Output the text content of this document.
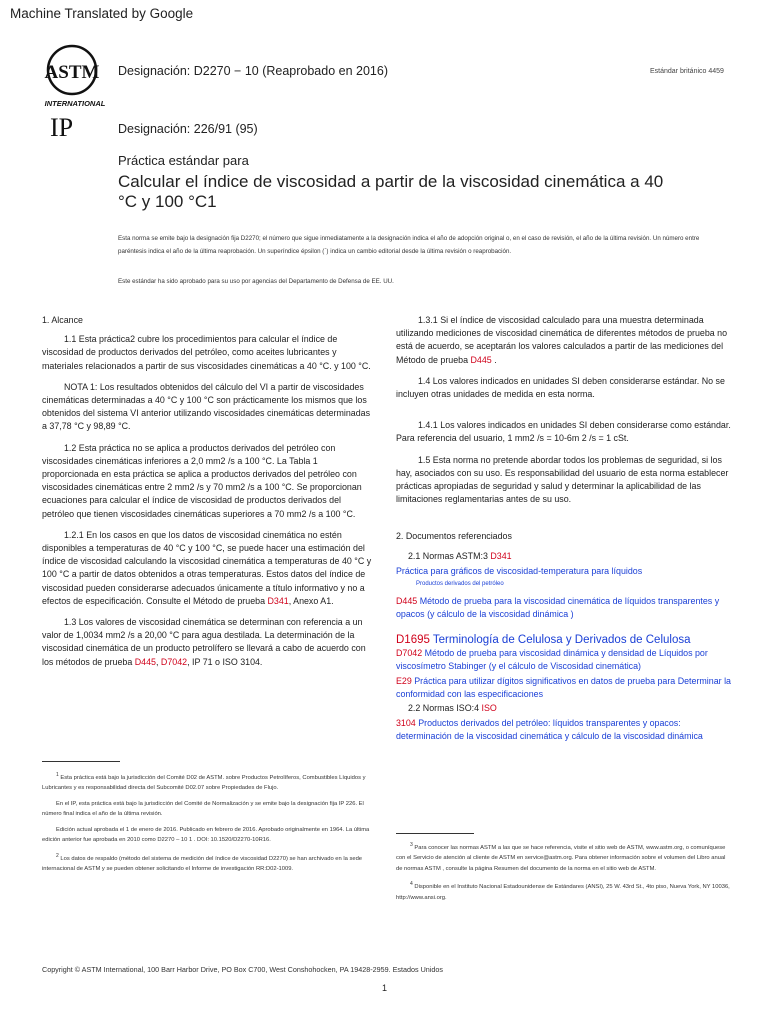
Machine Translated by Google
ASTM
INTERNATIONAL
IP
Designación: D2270 − 10 (Reaprobado en 2016)	Estándar británico 4459
Designación: 226/91 (95)
Práctica estándar para
Calcular el índice de viscosidad a partir de la viscosidad cinemática a 40 °C y 100 °C1
Esta norma se emite bajo la designación fija D2270; el número que sigue inmediatamente a la designación indica el año de adopción original o, en el caso de revisión, el año de la última revisión. Un número entre paréntesis indica el año de la última reaprobación. Un superíndice épsilon (´) indica un cambio editorial desde la última revisión o reaprobación.
Este estándar ha sido aprobado para su uso por agencias del Departamento de Defensa de EE. UU.

1. Alcance

1.1 Esta práctica2 cubre los procedimientos para calcular el índice de viscosidad de productos derivados del petróleo, como aceites lubricantes y materiales relacionados a partir de sus viscosidades cinemáticas a 40 °C. y 100 °C.

NOTA 1: Los resultados obtenidos del cálculo del VI a partir de viscosidades cinemáticas determinadas a 40 °C y 100 °C son prácticamente los mismos que los obtenidos del sistema VI anterior utilizando viscosidades cinemáticas determinadas a 37,78 °C y 98,89 °C.

1.2 Esta práctica no se aplica a productos derivados del petróleo con viscosidades cinemáticas inferiores a 2,0 mm2 /s a 100 °C. La Tabla 1 proporcionada en esta práctica se aplica a productos derivados del petróleo con viscosidades cinemáticas entre 2 mm2 /s y 70 mm2 /s a 100 °C. Se proporcionan ecuaciones para calcular el índice de viscosidad de productos derivados del petróleo que tienen viscosidades cinemáticas superiores a 70 mm2 /s a 100 °C.

1.2.1 En los casos en que los datos de viscosidad cinemática no estén disponibles a temperaturas de 40 °C y 100 °C, se puede hacer una estimación del índice de viscosidad calculando la viscosidad cinemática a temperaturas de 40 °C y 100 °C a partir de datos obtenidos a otras temperaturas. Estos datos del índice de viscosidad pueden considerarse adecuados únicamente a título informativo y no a efectos de especificación. Consulte el Método de prueba D341, Anexo A1.

1.3 Los valores de viscosidad cinemática se determinan con referencia a un valor de 1,0034 mm2 /s a 20,00 °C para agua destilada. La determinación de la viscosidad cinemática de un producto petrolífero se llevará a cabo de acuerdo con los métodos de prueba D445, D7042, IP 71 o ISO 3104.

1 Esta práctica está bajo la jurisdicción del Comité D02 de ASTM. sobre Productos Petrolíferos, Combustibles Líquidos y Lubricantes y es responsabilidad directa del Subcomité D02.07 sobre Propiedades de Flujo.

En el IP, esta práctica está bajo la jurisdicción del Comité de Normalización y se emite bajo la designación fija IP 226. El número final indica el año de la última revisión.

Edición actual aprobada el 1 de enero de 2016. Publicado en febrero de 2016. Aprobado originalmente en 1964. La última edición anterior fue aprobada en 2010 como D2270 – 10 1 . DOI: 10.1520/D2270-10R16.

2 Los datos de respaldo (método del sistema de medición del índice de viscosidad D2270) se han archivado en la sede internacional de ASTM y se pueden obtener solicitando el Informe de investigación RR:D02-1009.

1.3.1 Si el índice de viscosidad calculado para una muestra determinada utilizando mediciones de viscosidad cinemática de diferentes métodos de prueba no está de acuerdo, se aceptarán los valores calculados a partir de las mediciones del Método de prueba D445 .

1.4 Los valores indicados en unidades SI deben considerarse estándar. No se incluyen otras unidades de medida en esta norma.

1.4.1 Los valores indicados en unidades SI deben considerarse como estándar. Para referencia del usuario, 1 mm2 /s = 10-6m 2 /s = 1 cSt.

1.5 Esta norma no pretende abordar todos los problemas de seguridad, si los hay, asociados con su uso. Es responsabilidad del usuario de esta norma establecer prácticas apropiadas de seguridad y salud y determinar la aplicabilidad de las limitaciones reglamentarias antes de su uso.

2. Documentos referenciados

2.1 Normas ASTM:3 D341

Práctica para gráficos de viscosidad-temperatura para líquidos

Productos derivados del petróleo

D445 Método de prueba para la viscosidad cinemática de líquidos transparentes y opacos (y cálculo de la viscosidad dinámica )

D1695 Terminología de Celulosa y Derivados de Celulosa

D7042 Método de prueba para viscosidad dinámica y densidad de Líquidos por viscosímetro Stabinger (y el cálculo de Viscosidad cinemática)

E29 Práctica para utilizar dígitos significativos en datos de prueba para Determinar la conformidad con las especificaciones

2.2 Normas ISO:4 ISO

3104 Productos derivados del petróleo: líquidos transparentes y opacos: determinación de la viscosidad cinemática y cálculo de la viscosidad dinámica

3 Para conocer las normas ASTM a las que se hace referencia, visite el sitio web de ASTM, www.astm.org, o comuníquese con el Servicio de atención al cliente de ASTM en service@astm.org. Para obtener información sobre el volumen del Libro anual de normas ASTM , consulte la página Resumen del documento de la norma en el sitio web de ASTM.

4 Disponible en el Instituto Nacional Estadounidense de Estándares (ANSI), 25 W. 43rd St., 4to piso, Nueva York, NY 10036, http://www.ansi.org.

Copyright © ASTM International, 100 Barr Harbor Drive, PO Box C700, West Conshohocken, PA 19428-2959. Estados Unidos
1
